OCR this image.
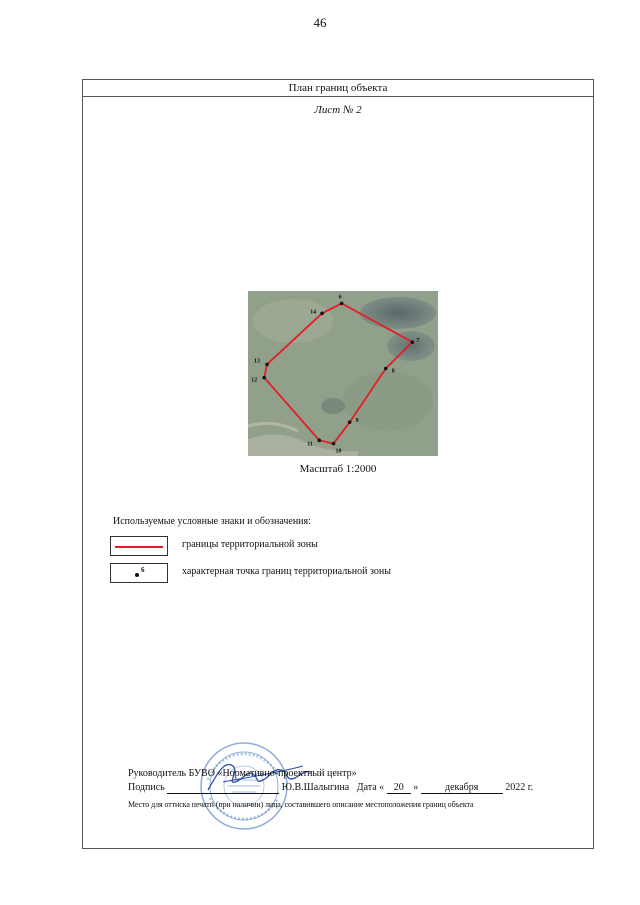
46
План границ объекта
Лист № 2
6
7
8
9
10
11
12
13
14
Масштаб 1:2000
Используемые условные знаки и обозначения:
границы территориальной зоны
6	характерная точка границ территориальной зоны
Руководитель БУВО «Нормативно-проектный центр»
Подпись	Ю.В.Шалыгина Дата « 20 »	декабря	2022 г.
Место для оттиска печати (при наличии) лица, составившего описание местоположения границ объекта
